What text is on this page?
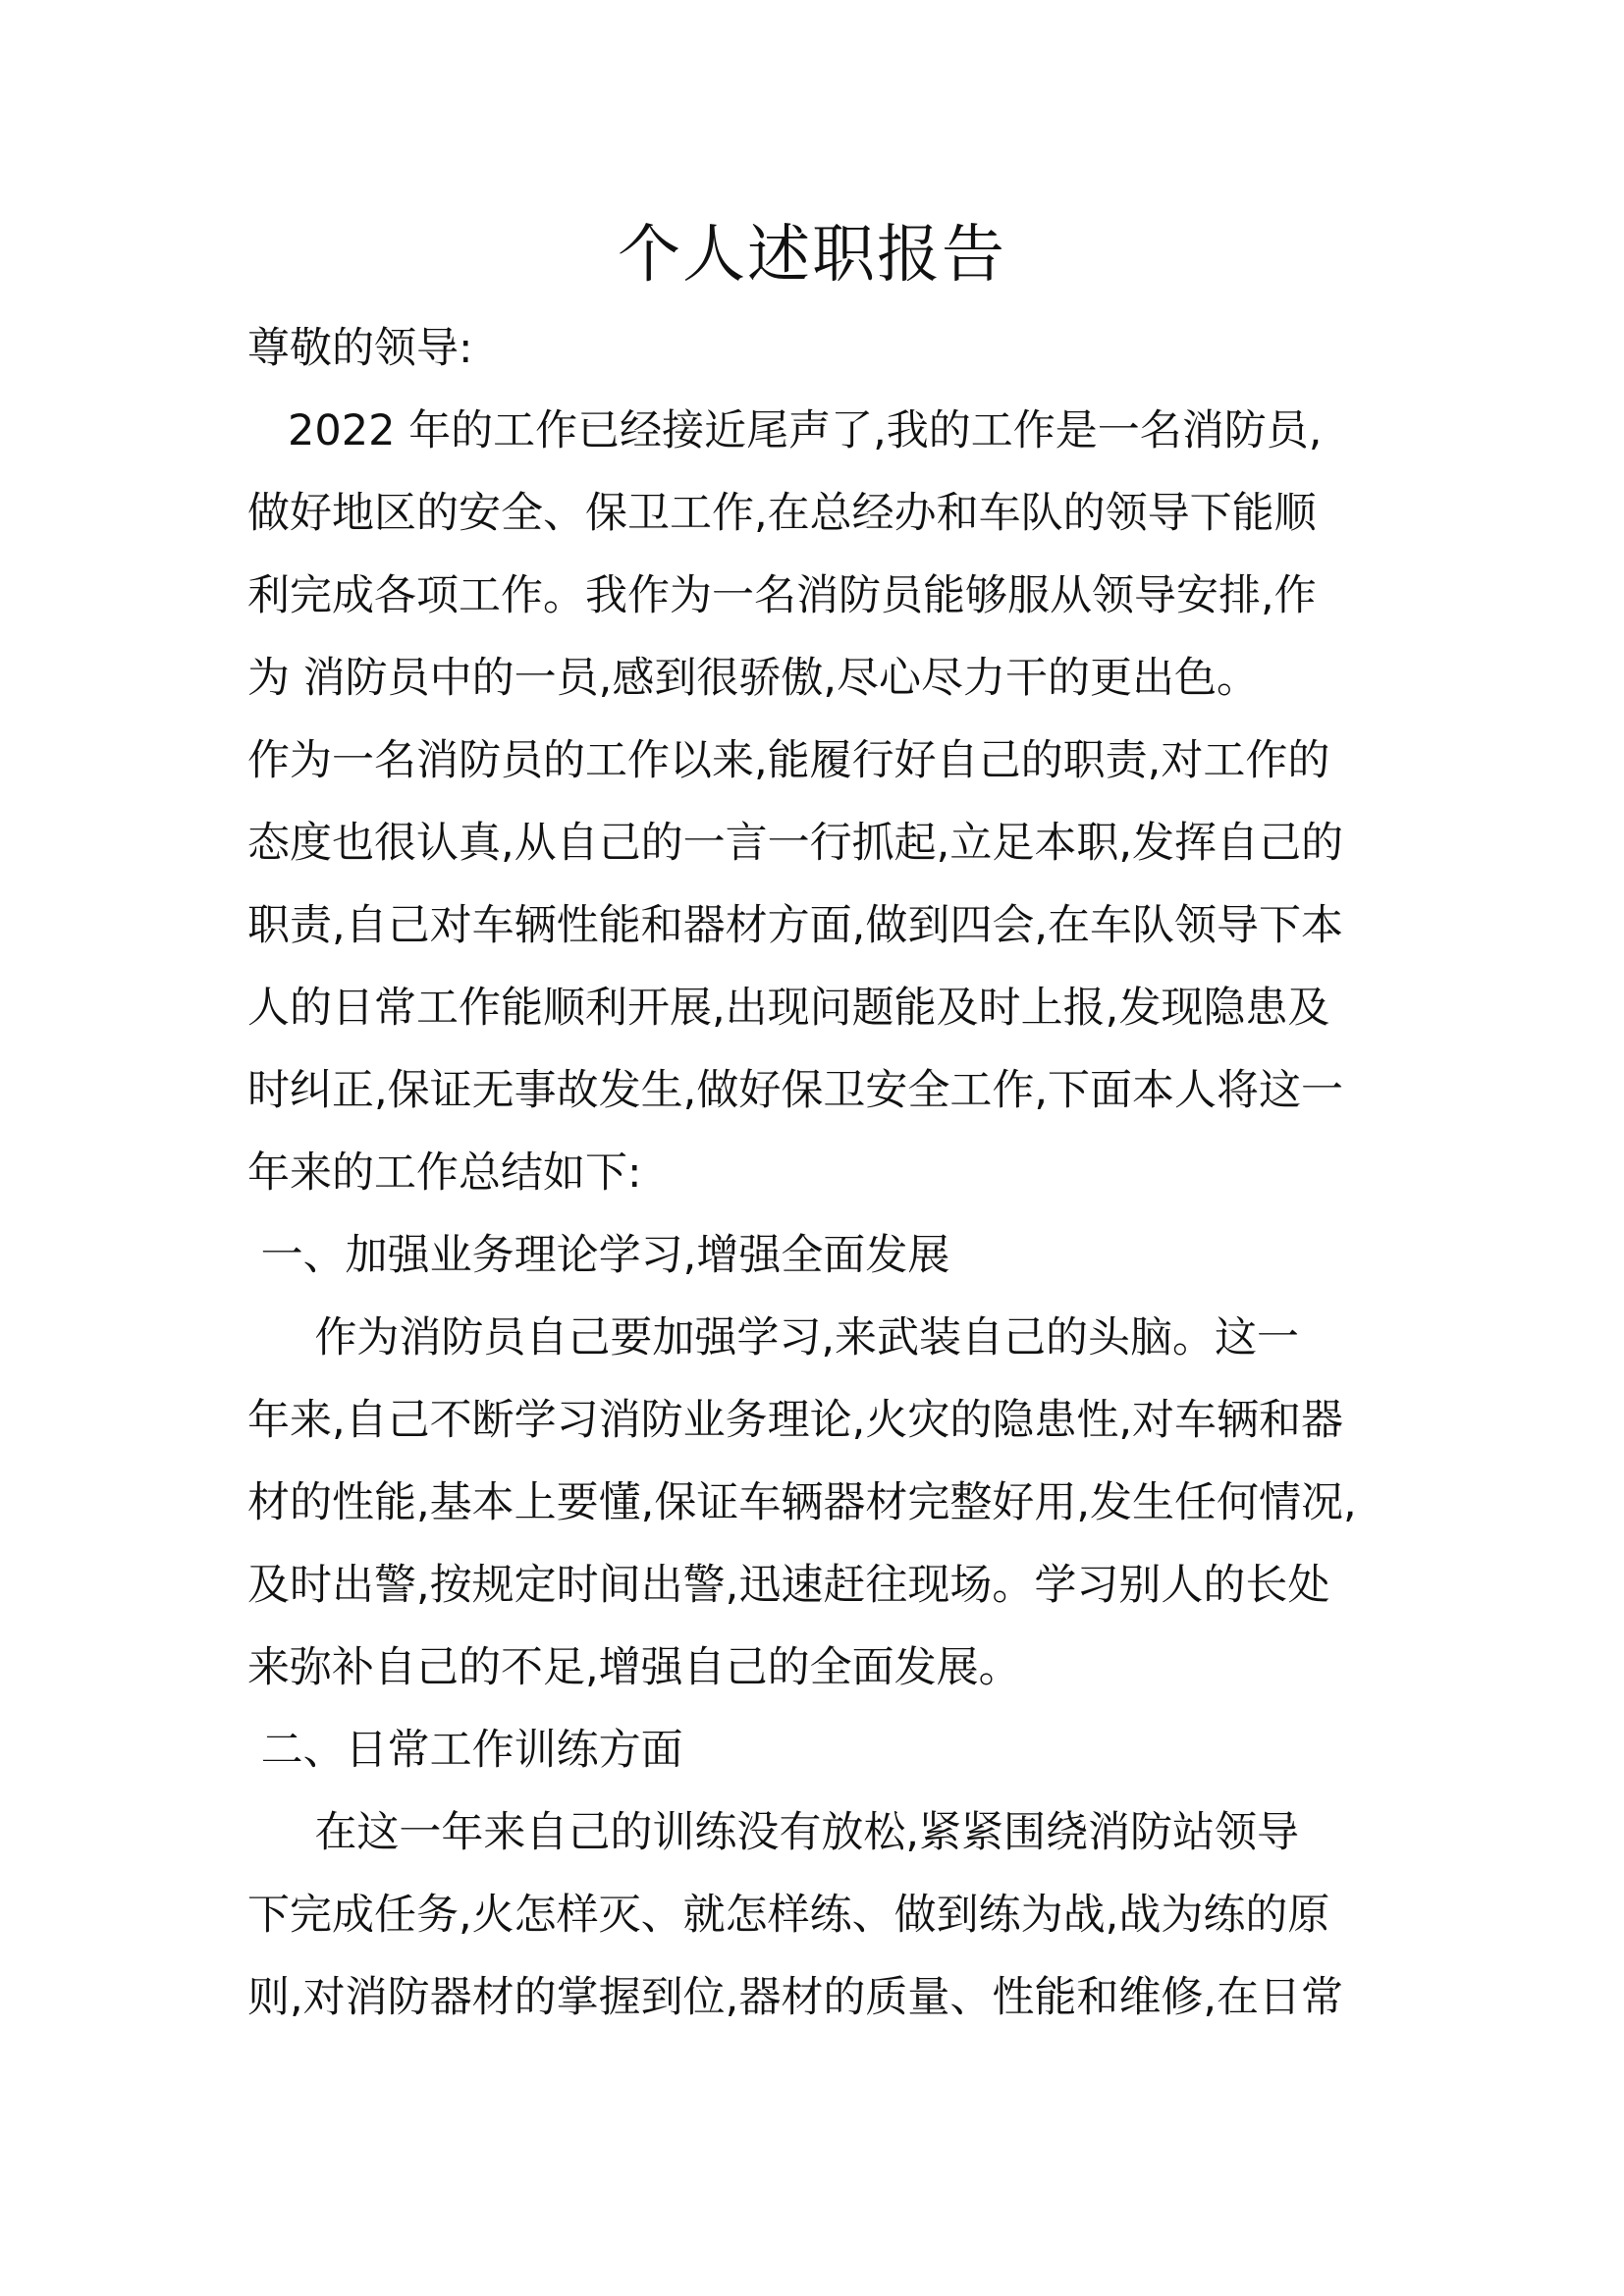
个人述职报告
尊敬的领导:
2022 年的工作已经接近尾声了,我的工作是一名消防员,
做好地区的安全、保卫工作,在总经办和车队的领导下能顺
利完成各项工作。我作为一名消防员能够服从领导安排,作
为 消防员中的一员,感到很骄傲,尽心尽力干的更出色。
作为一名消防员的工作以来,能履行好自己的职责,对工作的
态度也很认真,从自己的一言一行抓起,立足本职,发挥自己的
职责,自己对车辆性能和器材方面,做到四会,在车队领导下本
人的日常工作能顺利开展,出现问题能及时上报,发现隐患及
时纠正,保证无事故发生,做好保卫安全工作,下面本人将这一
年来的工作总结如下:
一、加强业务理论学习,增强全面发展
作为消防员自己要加强学习,来武装自己的头脑。这一
年来,自己不断学习消防业务理论,火灾的隐患性,对车辆和器
材的性能,基本上要懂,保证车辆器材完整好用,发生任何情况,
及时出警,按规定时间出警,迅速赶往现场。学习别人的长处
来弥补自己的不足,增强自己的全面发展。
二、日常工作训练方面
在这一年来自己的训练没有放松,紧紧围绕消防站领导
下完成任务,火怎样灭、就怎样练、做到练为战,战为练的原
则,对消防器材的掌握到位,器材的质量、性能和维修,在日常
